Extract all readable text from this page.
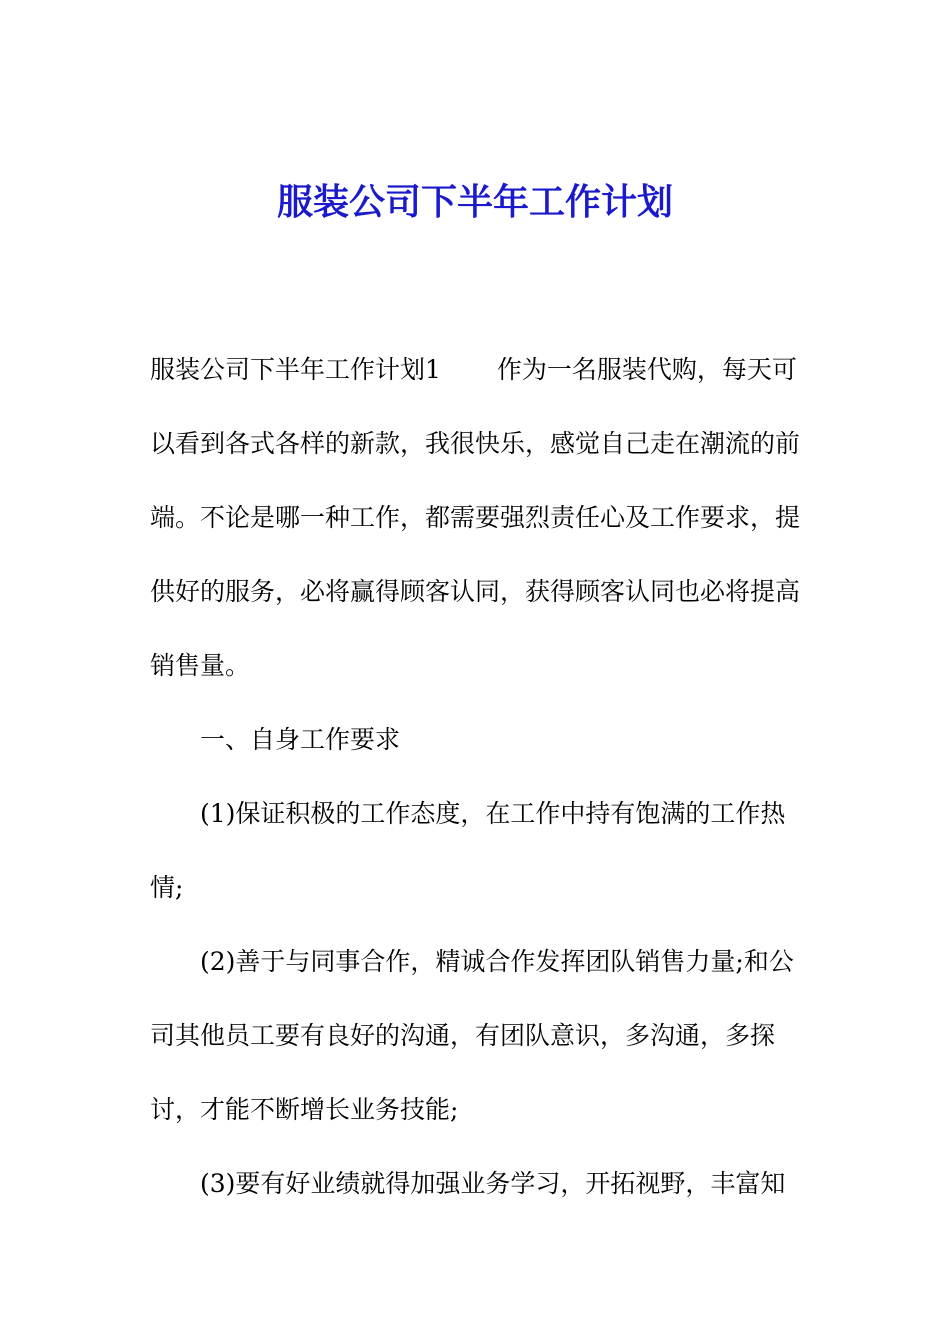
服装公司下半年工作计划

服装公司下半年工作计划1 作为一名服装代购，每天可以看到各式各样的新款，我很快乐，感觉自己走在潮流的前端。不论是哪一种工作，都需要强烈责任心及工作要求，提供好的服务，必将赢得顾客认同，获得顾客认同也必将提高销售量。

一、自身工作要求

(1)保证积极的工作态度，在工作中持有饱满的工作热情;

(2)善于与同事合作，精诚合作发挥团队销售力量;和公司其他员工要有良好的沟通，有团队意识，多沟通，多探讨，才能不断增长业务技能;

(3)要有好业绩就得加强业务学习，开拓视野，丰富知
